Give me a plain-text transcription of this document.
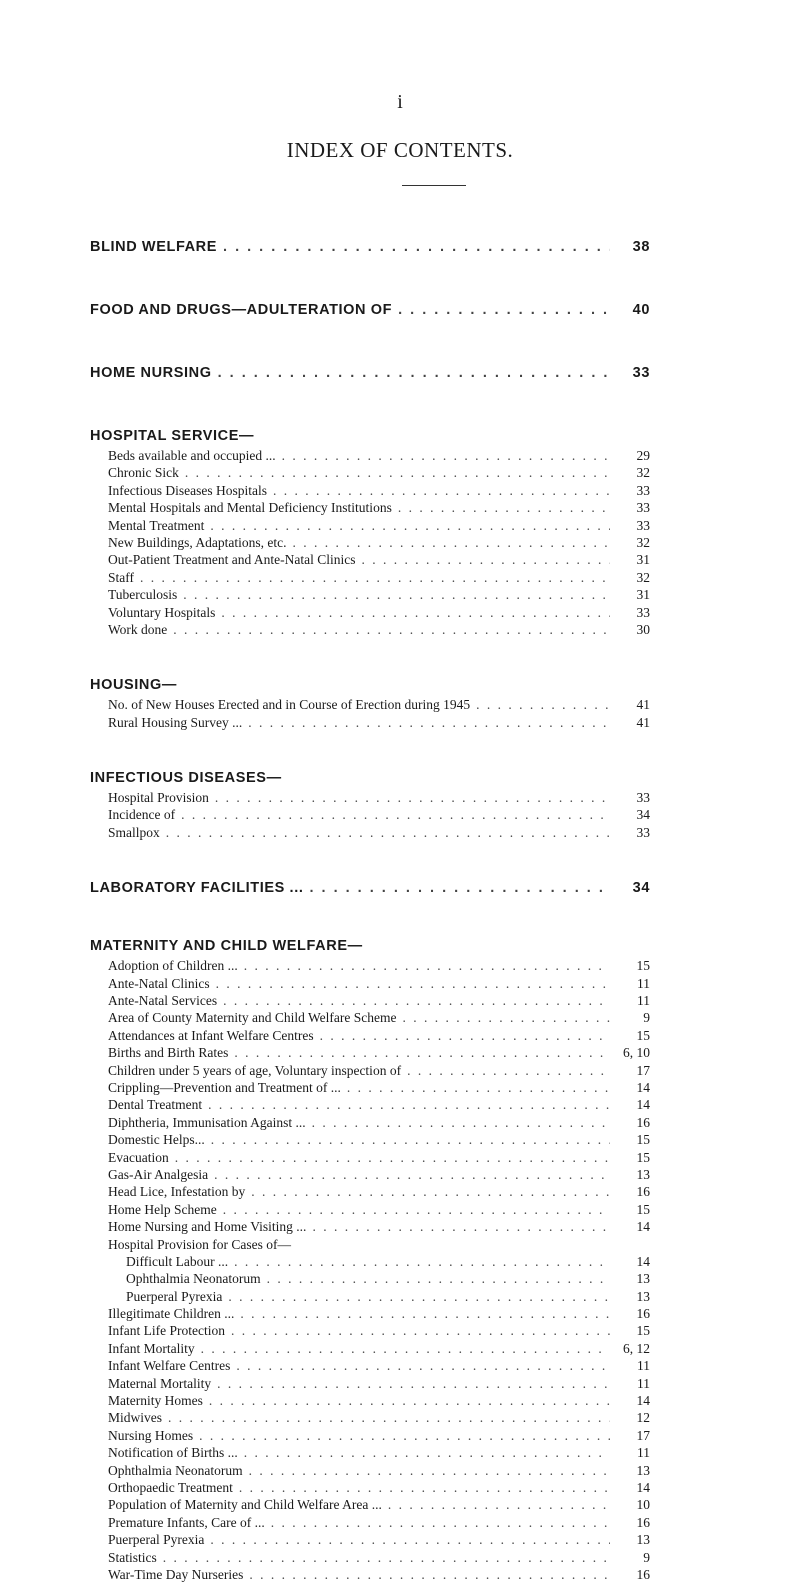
i
INDEX OF CONTENTS.
BLIND WELFARE . . .	38
FOOD AND DRUGS—ADULTERATION OF . . .	40
HOME NURSING . . .	33
HOSPITAL SERVICE—
Beds available and occupied ... . . .	29
Chronic Sick . . .	32
Infectious Diseases Hospitals . . .	33
Mental Hospitals and Mental Deficiency Institutions . . .	33
Mental Treatment . . .	33
New Buildings, Adaptations, etc. . . .	32
Out-Patient Treatment and Ante-Natal Clinics . . .	31
Staff . . .	32
Tuberculosis . . .	31
Voluntary Hospitals . . .	33
Work done . . .	30
HOUSING—
No. of New Houses Erected and in Course of Erection during 1945 . . .	41
Rural Housing Survey ... . . .	41
INFECTIOUS DISEASES—
Hospital Provision . . .	33
Incidence of . . .	34
Smallpox . . .	33
LABORATORY FACILITIES ... . . .	34
MATERNITY AND CHILD WELFARE—
Adoption of Children ... . . .	15
Ante-Natal Clinics . . .	11
Ante-Natal Services . . .	11
Area of County Maternity and Child Welfare Scheme . . .	9
Attendances at Infant Welfare Centres . . .	15
Births and Birth Rates . . .	6, 10
Children under 5 years of age, Voluntary inspection of . . .	17
Crippling—Prevention and Treatment of ... . . .	14
Dental Treatment . . .	14
Diphtheria, Immunisation Against ... . . .	16
Domestic Helps... . . .	15
Evacuation . . .	15
Gas-Air Analgesia . . .	13
Head Lice, Infestation by . . .	16
Home Help Scheme . . .	15
Home Nursing and Home Visiting ... . . .	14
Hospital Provision for Cases of—
Difficult Labour ... . . .	14
Ophthalmia Neonatorum . . .	13
Puerperal Pyrexia . . .	13
Illegitimate Children ... . . .	16
Infant Life Protection . . .	15
Infant Mortality . . .	6, 12
Infant Welfare Centres . . .	11
Maternal Mortality . . .	11
Maternity Homes . . .	14
Midwives . . .	12
Nursing Homes . . .	17
Notification of Births ... . . .	11
Ophthalmia Neonatorum . . .	13
Orthopaedic Treatment . . .	14
Population of Maternity and Child Welfare Area ... . . .	10
Premature Infants, Care of ... . . .	16
Puerperal Pyrexia . . .	13
Statistics . . .	9
War-Time Day Nurseries . . .	16
